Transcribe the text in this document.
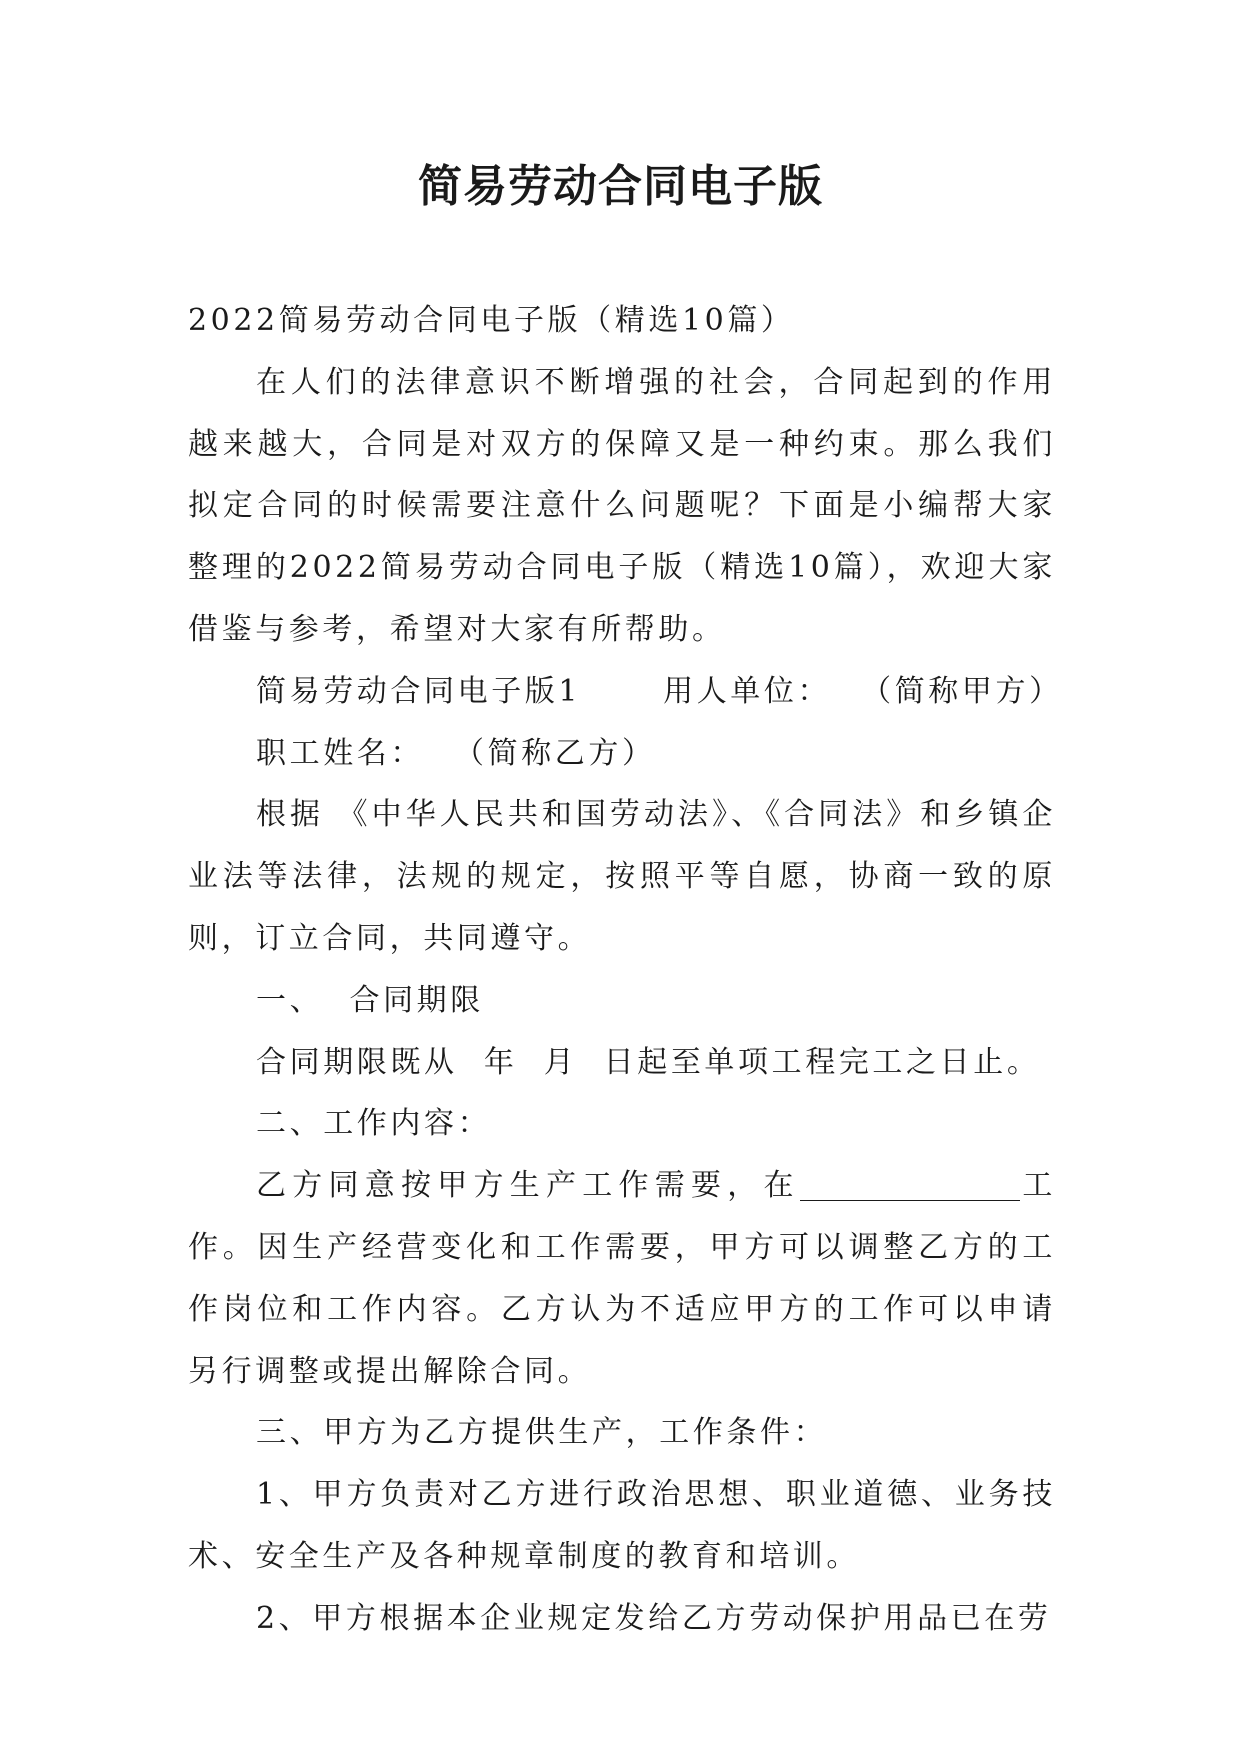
简易劳动合同电子版

2022简易劳动合同电子版（精选10篇）

在人们的法律意识不断增强的社会，合同起到的作用越来越大，合同是对双方的保障又是一种约束。那么我们拟定合同的时候需要注意什么问题呢？下面是小编帮大家整理的2022简易劳动合同电子版（精选10篇），欢迎大家借鉴与参考，希望对大家有所帮助。

简易劳动合同电子版1	用人单位： （简称甲方）

职工姓名： （简称乙方）

根据 《中华人民共和国劳动法》、《合同法》和乡镇企业法等法律，法规的规定，按照平等自愿，协商一致的原则，订立合同，共同遵守。

一、  合同期限

合同期限既从  年  月  日起至单项工程完工之日止。

二、工作内容：

乙方同意按甲方生产工作需要，在	工作。因生产经营变化和工作需要，甲方可以调整乙方的工作岗位和工作内容。乙方认为不适应甲方的工作可以申请另行调整或提出解除合同。

三、甲方为乙方提供生产，工作条件：

1、甲方负责对乙方进行政治思想、职业道德、业务技术、安全生产及各种规章制度的教育和培训。

2、甲方根据本企业规定发给乙方劳动保护用品已在劳
